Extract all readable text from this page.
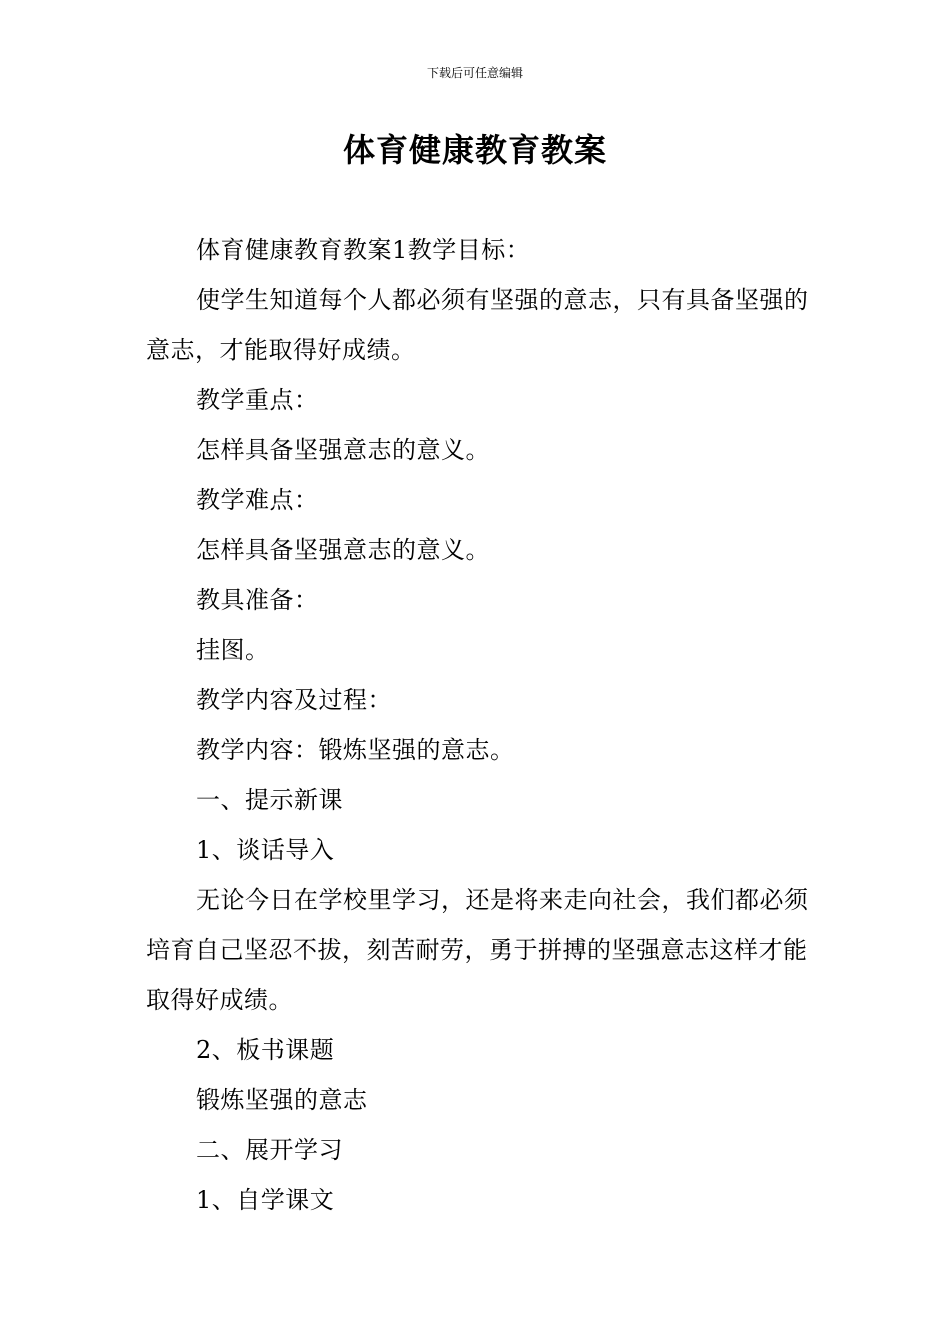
下载后可任意编辑
体育健康教育教案

体育健康教育教案1教学目标：

使学生知道每个人都必须有坚强的意志，只有具备坚强的意志，才能取得好成绩。

教学重点：

怎样具备坚强意志的意义。

教学难点：

怎样具备坚强意志的意义。

教具准备：

挂图。

教学内容及过程：

教学内容：锻炼坚强的意志。

一、提示新课

1、谈话导入

无论今日在学校里学习，还是将来走向社会，我们都必须培育自己坚忍不拔，刻苦耐劳，勇于拼搏的坚强意志这样才能取得好成绩。

2、板书课题

锻炼坚强的意志

二、展开学习

1、自学课文
